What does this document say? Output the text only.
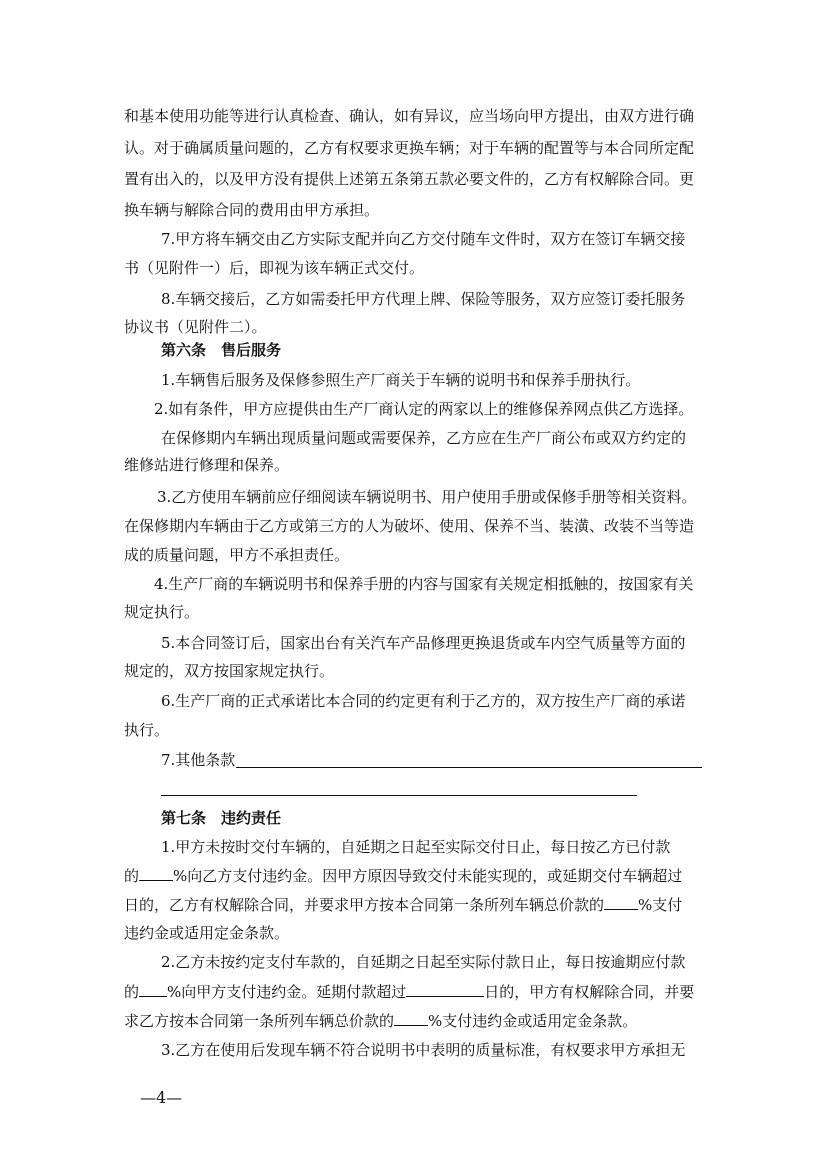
和基本使用功能等进行认真检查、确认，如有异议，应当场向甲方提出，由双方进行确

认。对于确属质量问题的，乙方有权要求更换车辆；对于车辆的配置等与本合同所定配

置有出入的，以及甲方没有提供上述第五条第五款必要文件的，乙方有权解除合同。更

换车辆与解除合同的费用由甲方承担。

7.甲方将车辆交由乙方实际支配并向乙方交付随车文件时，双方在签订车辆交接

书（见附件一）后，即视为该车辆正式交付。

8.车辆交接后，乙方如需委托甲方代理上牌、保险等服务，双方应签订委托服务

协议书（见附件二）。

第六条　售后服务

1.车辆售后服务及保修参照生产厂商关于车辆的说明书和保养手册执行。

2.如有条件，甲方应提供由生产厂商认定的两家以上的维修保养网点供乙方选择。

在保修期内车辆出现质量问题或需要保养，乙方应在生产厂商公布或双方约定的

维修站进行修理和保养。

3.乙方使用车辆前应仔细阅读车辆说明书、用户使用手册或保修手册等相关资料。

在保修期内车辆由于乙方或第三方的人为破坏、使用、保养不当、装潢、改装不当等造

成的质量问题，甲方不承担责任。

4.生产厂商的车辆说明书和保养手册的内容与国家有关规定相抵触的，按国家有关

规定执行。

5.本合同签订后，国家出台有关汽车产品修理更换退货或车内空气质量等方面的

规定的，双方按国家规定执行。

6.生产厂商的正式承诺比本合同的约定更有利于乙方的，双方按生产厂商的承诺

执行。

7.其他条款

第七条　违约责任

1.甲方未按时交付车辆的，自延期之日起至实际交付日止，每日按乙方已付款

的 %向乙方支付违约金。因甲方原因导致交付未能实现的，或延期交付车辆超过

日的，乙方有权解除合同，并要求甲方按本合同第一条所列车辆总价款的 %支付

违约金或适用定金条款。

2.乙方未按约定支付车款的，自延期之日起至实际付款日止，每日按逾期应付款

的 %向甲方支付违约金。延期付款超过	日的，甲方有权解除合同，并要

求乙方按本合同第一条所列车辆总价款的 %支付违约金或适用定金条款。

3.乙方在使用后发现车辆不符合说明书中表明的质量标准，有权要求甲方承担无

—4—
